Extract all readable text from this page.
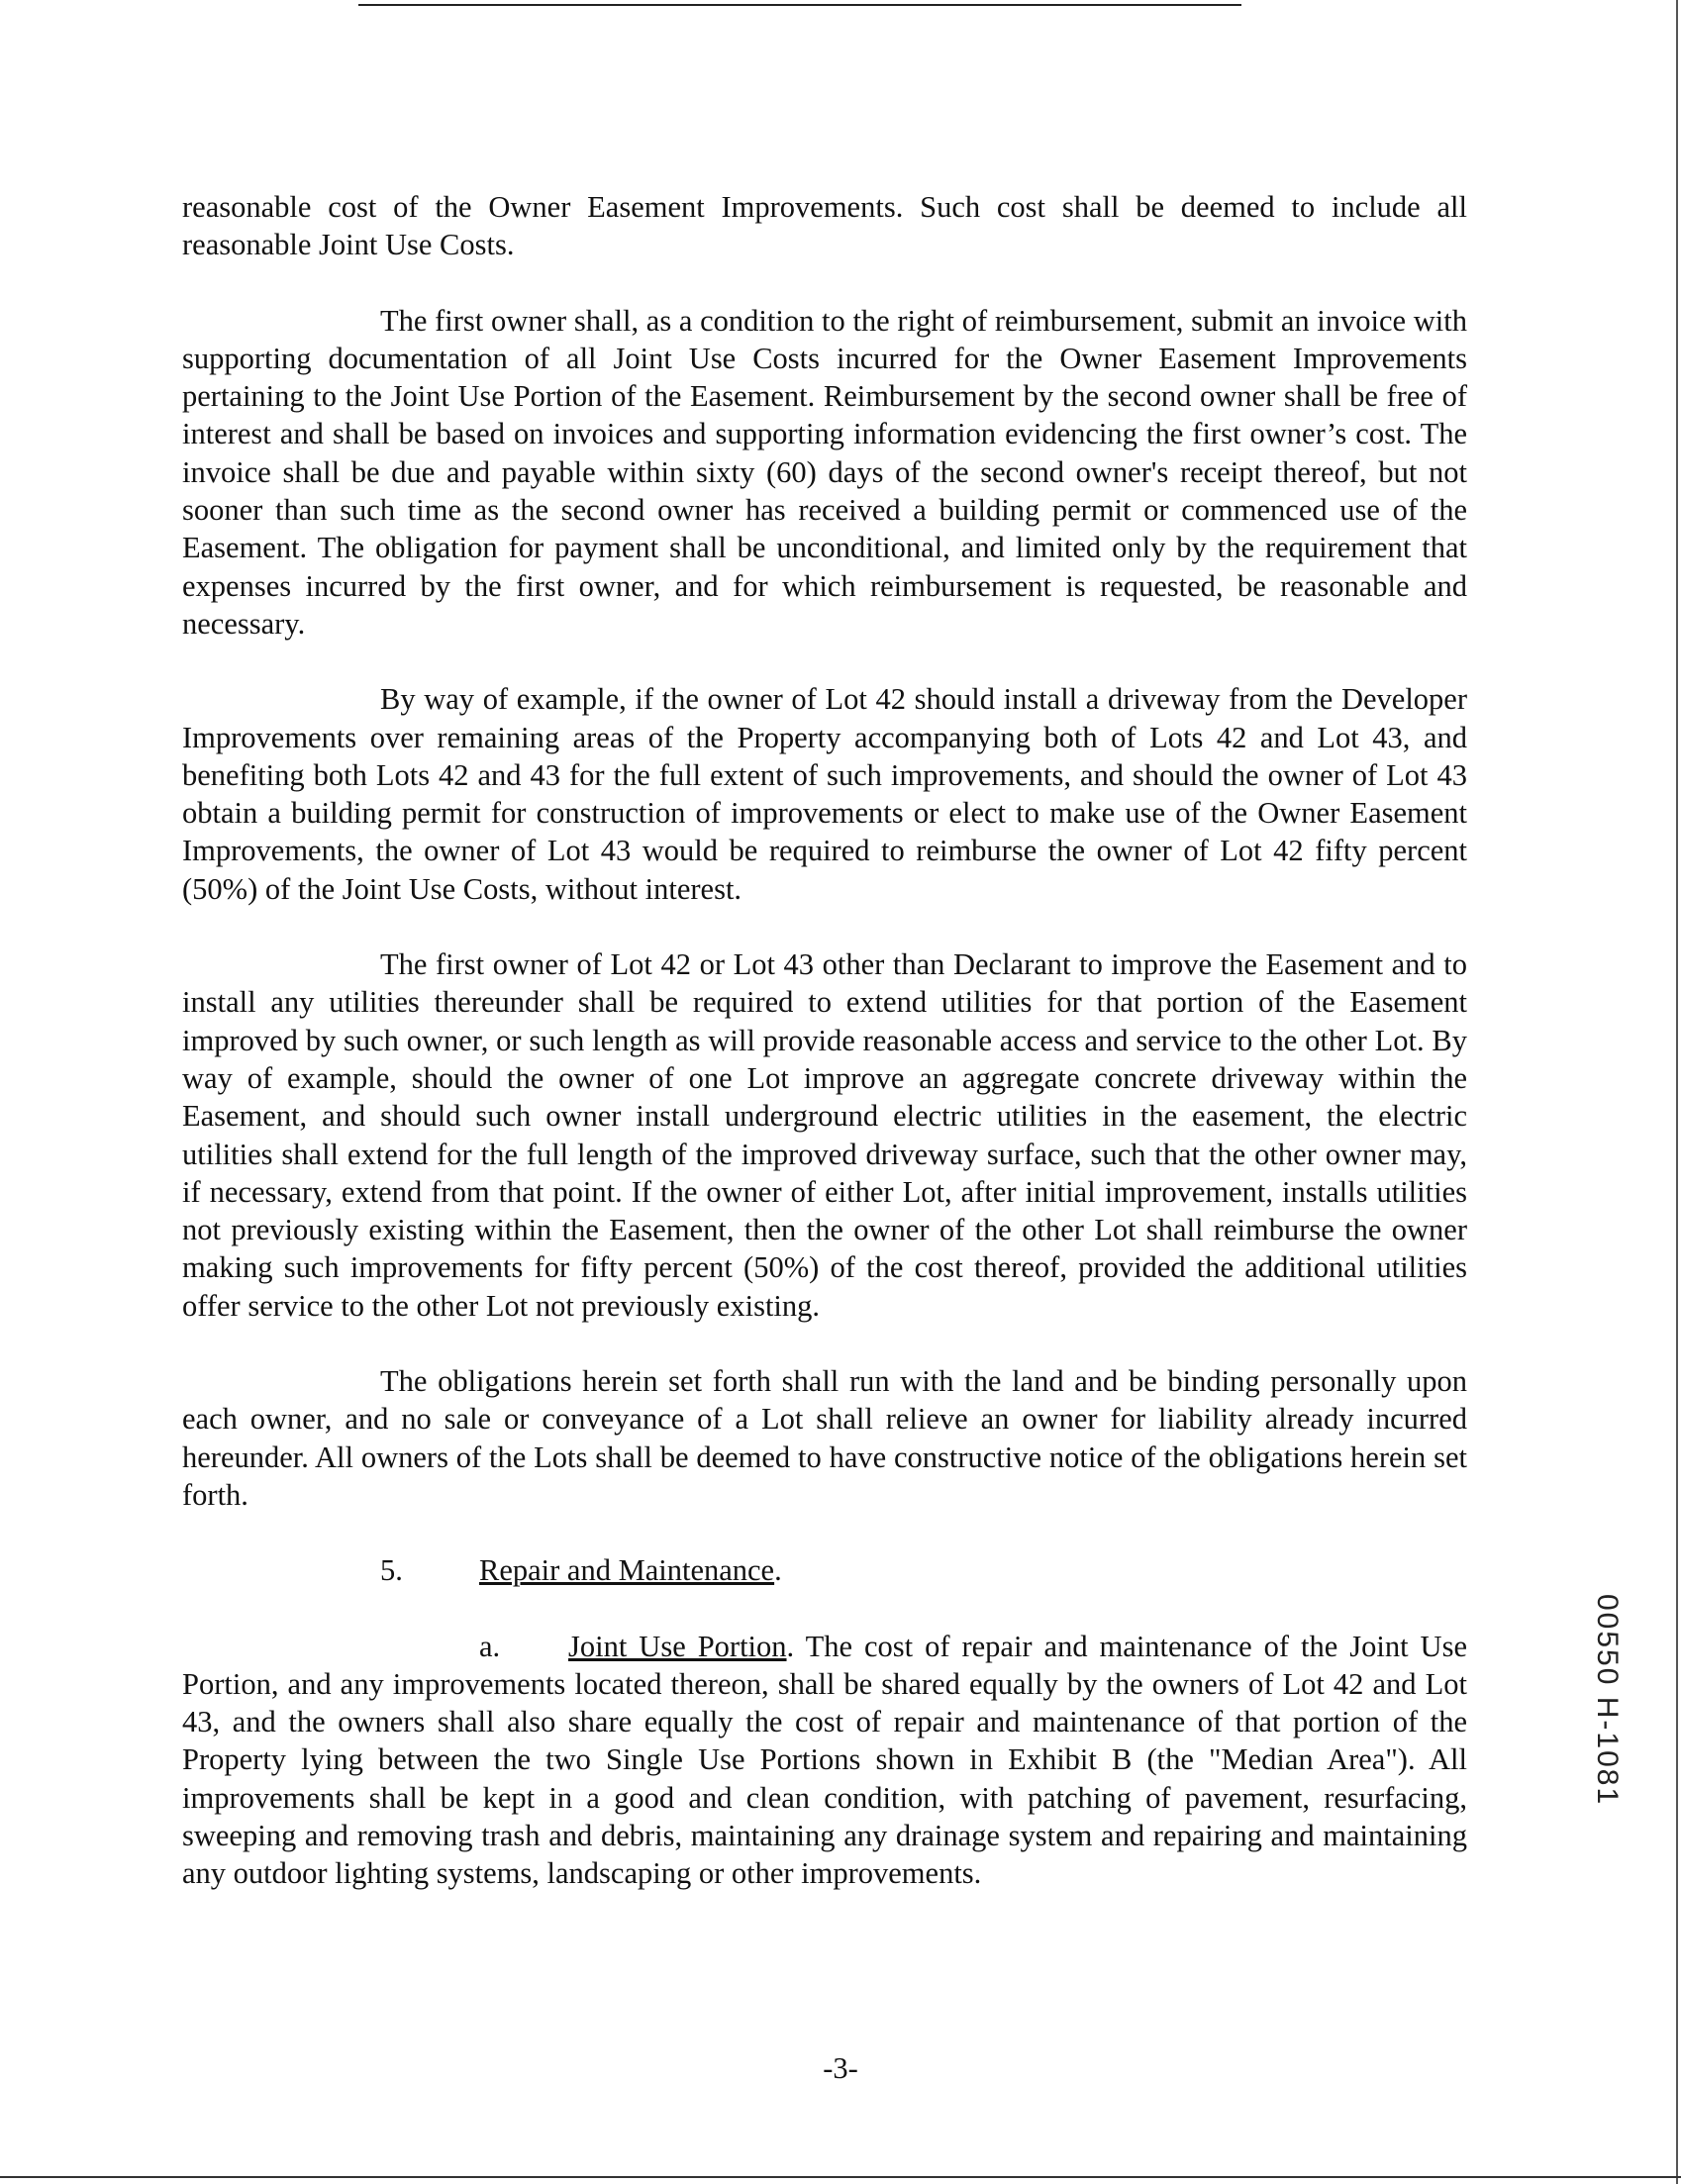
reasonable cost of the Owner Easement Improvements. Such cost shall be deemed to include all reasonable Joint Use Costs.

The first owner shall, as a condition to the right of reimbursement, submit an invoice with supporting documentation of all Joint Use Costs incurred for the Owner Easement Improvements pertaining to the Joint Use Portion of the Easement. Reimbursement by the second owner shall be free of interest and shall be based on invoices and supporting information evidencing the first owner’s cost. The invoice shall be due and payable within sixty (60) days of the second owner's receipt thereof, but not sooner than such time as the second owner has received a building permit or commenced use of the Easement. The obligation for payment shall be unconditional, and limited only by the requirement that expenses incurred by the first owner, and for which reimbursement is requested, be reasonable and necessary.

By way of example, if the owner of Lot 42 should install a driveway from the Developer Improvements over remaining areas of the Property accompanying both of Lots 42 and Lot 43, and benefiting both Lots 42 and 43 for the full extent of such improvements, and should the owner of Lot 43 obtain a building permit for construction of improvements or elect to make use of the Owner Easement Improvements, the owner of Lot 43 would be required to reimburse the owner of Lot 42 fifty percent (50%) of the Joint Use Costs, without interest.

The first owner of Lot 42 or Lot 43 other than Declarant to improve the Easement and to install any utilities thereunder shall be required to extend utilities for that portion of the Easement improved by such owner, or such length as will provide reasonable access and service to the other Lot. By way of example, should the owner of one Lot improve an aggregate concrete driveway within the Easement, and should such owner install underground electric utilities in the easement, the electric utilities shall extend for the full length of the improved driveway surface, such that the other owner may, if necessary, extend from that point. If the owner of either Lot, after initial improvement, installs utilities not previously existing within the Easement, then the owner of the other Lot shall reimburse the owner making such improvements for fifty percent (50%) of the cost thereof, provided the additional utilities offer service to the other Lot not previously existing.

The obligations herein set forth shall run with the land and be binding personally upon each owner, and no sale or conveyance of a Lot shall relieve an owner for liability already incurred hereunder. All owners of the Lots shall be deemed to have constructive notice of the obligations herein set forth.

5.	Repair and Maintenance.

a. Joint Use Portion. The cost of repair and maintenance of the Joint Use Portion, and any improvements located thereon, shall be shared equally by the owners of Lot 42 and Lot 43, and the owners shall also share equally the cost of repair and maintenance of that portion of the Property lying between the two Single Use Portions shown in Exhibit B (the "Median Area"). All improvements shall be kept in a good and clean condition, with patching of pavement, resurfacing, sweeping and removing trash and debris, maintaining any drainage system and repairing and maintaining any outdoor lighting systems, landscaping or other improvements.

-3-
00550 H-1081
